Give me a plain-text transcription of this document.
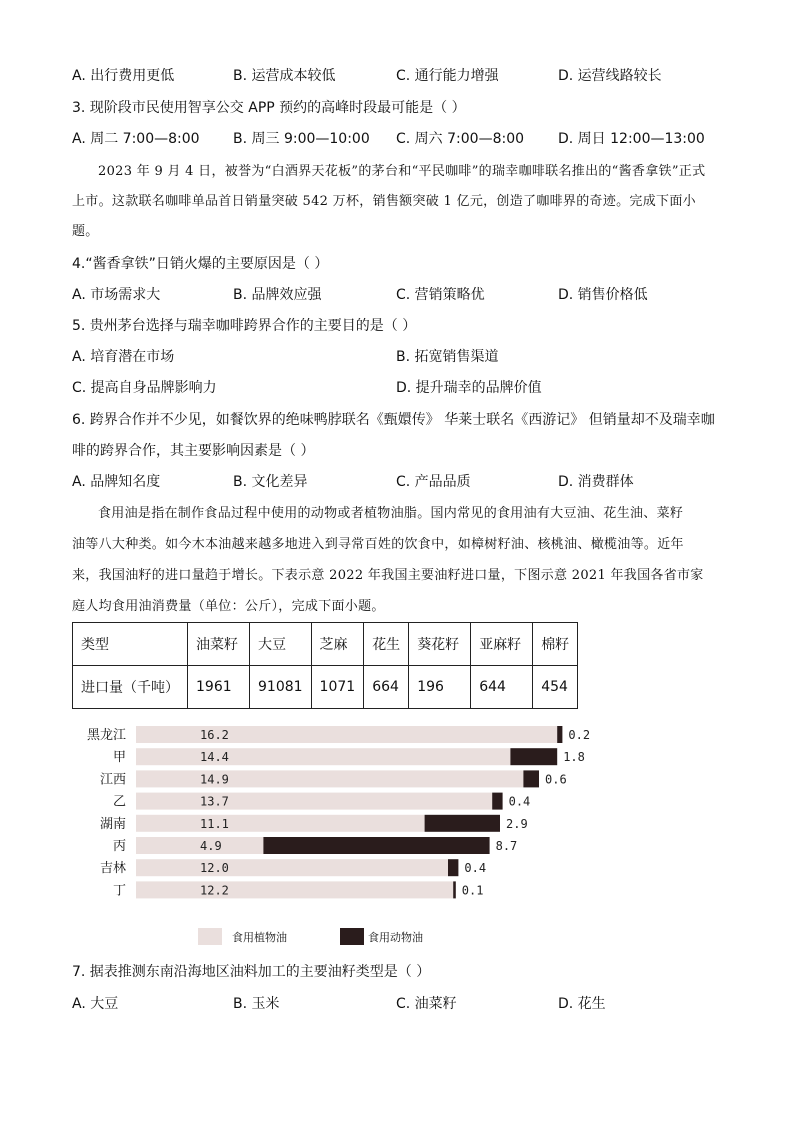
A. 出行费用更低	B. 运营成本较低	C. 通行能力增强	D. 运营线路较长
3. 现阶段市民使用智享公交 APP 预约的高峰时段最可能是（ ）
A. 周二 7:00—8:00 B. 周三 9:00—10:00 C. 周六 7:00—8:00 D. 周日 12:00—13:00
2023 年 9 月 4 日，被誉为“白酒界天花板”的茅台和“平民咖啡”的瑞幸咖啡联名推出的“酱香拿铁”正式
上市。这款联名咖啡单品首日销量突破 542 万杯，销售额突破 1 亿元，创造了咖啡界的奇迹。完成下面小
题。
4.“酱香拿铁”日销火爆的主要原因是（ ）
A. 市场需求大	B. 品牌效应强	C. 营销策略优	D. 销售价格低
5. 贵州茅台选择与瑞幸咖啡跨界合作的主要目的是（ ）
A. 培育潜在市场	B. 拓宽销售渠道
C. 提高自身品牌影响力	D. 提升瑞幸的品牌价值
6. 跨界合作并不少见，如餐饮界的绝味鸭脖联名《甄嬛传》 华莱士联名《西游记》 但销量却不及瑞幸咖
啡的跨界合作，其主要影响因素是（ ）
A. 品牌知名度	B. 文化差异	C. 产品品质	D. 消费群体
食用油是指在制作食品过程中使用的动物或者植物油脂。国内常见的食用油有大豆油、花生油、菜籽
油等八大种类。如今木本油越来越多地进入到寻常百姓的饮食中，如樟树籽油、核桃油、橄榄油等。近年
来，我国油籽的进口量趋于增长。下表示意 2022 年我国主要油籽进口量，下图示意 2021 年我国各省市家
庭人均食用油消费量（单位：公斤），完成下面小题。
类型	油菜籽	大豆	芝麻	花生	葵花籽	亚麻籽	棉籽
进口量（千吨）	1961	91081	1071	664	196	644	454
黑龙江	16.2	0.2
甲	14.4	1.8
江西	14.9	0.6
乙	13.7	0.4
湖南	11.1	2.9
丙	4.9	8.7
吉林	12.0	0.4
丁	12.2	0.1
食用植物油	食用动物油
7. 据表推测东南沿海地区油料加工的主要油籽类型是（ ）
A. 大豆	B. 玉米	C. 油菜籽	D. 花生
